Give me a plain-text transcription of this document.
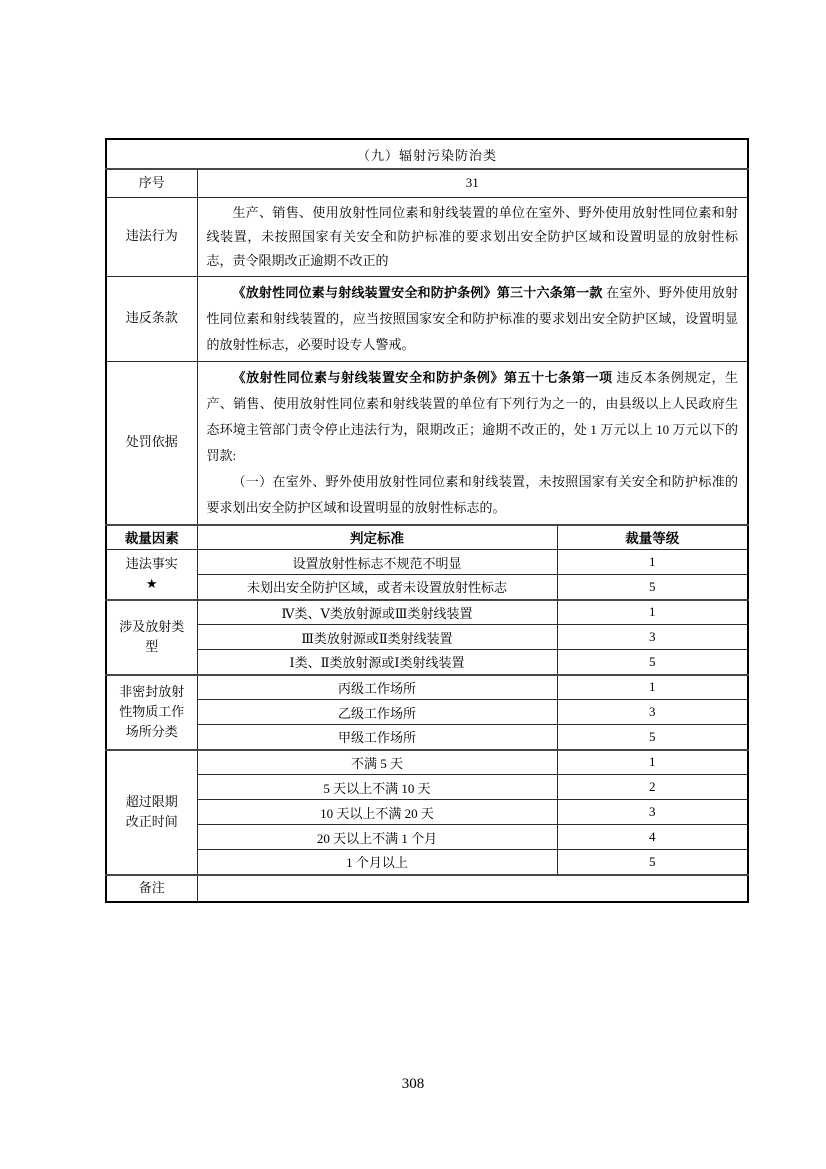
（九）辐射污染防治类		
序号	31	
违法行为	生产、销售、使用放射性同位素和射线装置的单位在室外、野外使用放射性同位素和射线装置，未按照国家有关安全和防护标准的要求划出安全防护区域和设置明显的放射性标志，责令限期改正逾期不改正的	

违反条款	《放射性同位素与射线装置安全和防护条例》第三十六条第一款 在室外、野外使用放射性同位素和射线装置的，应当按照国家安全和防护标准的要求划出安全防护区域，设置明显的放射性标志，必要时设专人警戒。	

处罚依据	《放射性同位素与射线装置安全和防护条例》第五十七条第一项 违反本条例规定，生产、销售、使用放射性同位素和射线装置的单位有下列行为之一的，由县级以上人民政府生态环境主管部门责令停止违法行为，限期改正；逾期不改正的，处 1 万元以上 10 万元以下的罚款:
（一）在室外、野外使用放射性同位素和射线装置，未按照国家有关安全和防护标准的要求划出安全防护区域和设置明显的放射性标志的。	

裁量因素	判定标准	裁量等级

违法事实
★	设置放射性标志不规范不明显	1
	未划出安全防护区域，或者未设置放射性标志	5

涉及放射类
型	Ⅳ类、Ⅴ类放射源或Ⅲ类射线装置	1
	Ⅲ类放射源或Ⅱ类射线装置	3
	Ⅰ类、Ⅱ类放射源或Ⅰ类射线装置	5

非密封放射
性物质工作
场所分类	丙级工作场所	1
	乙级工作场所	3
	甲级工作场所	5

超过限期
改正时间	不满 5 天	1
	5 天以上不满 10 天	2
	10 天以上不满 20 天	3
	20 天以上不满 1 个月	4
	1 个月以上	5
备注		
308
